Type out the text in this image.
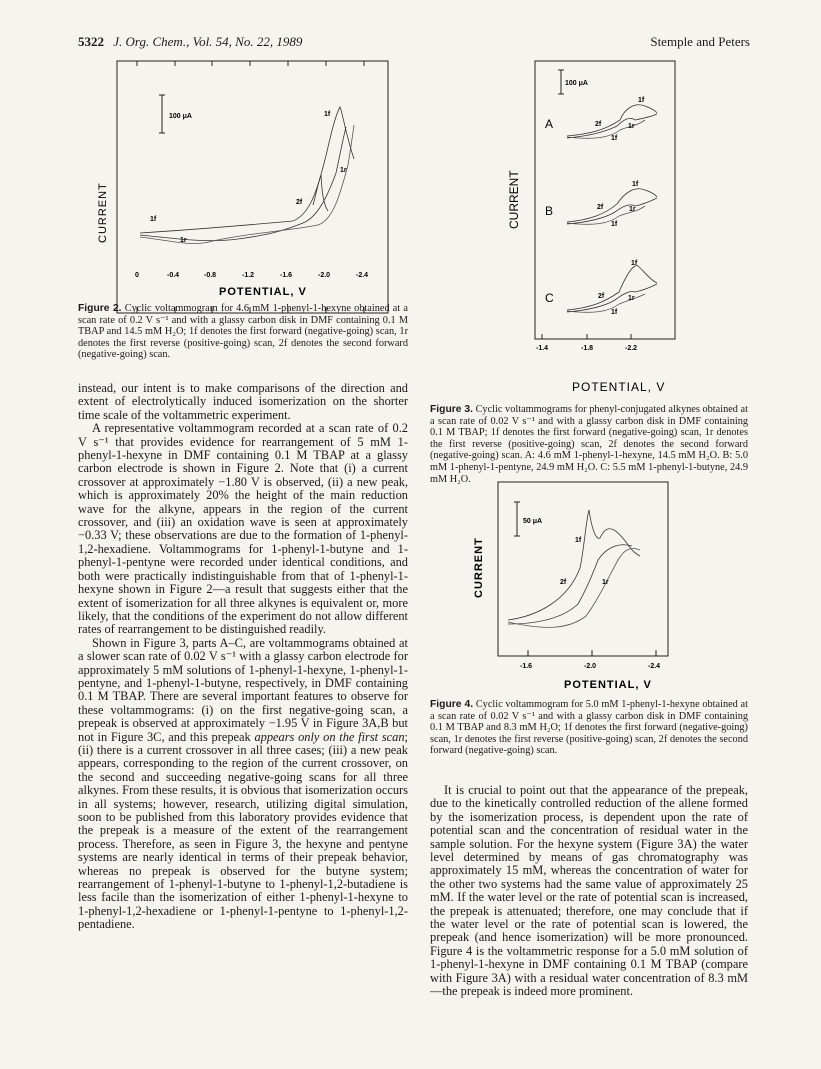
5322 J. Org. Chem., Vol. 54, No. 22, 1989	Stemple and Peters
CURRENT
100 μA	1f
1r
2f
1f
1r
0	-0.4	-0.8	-1.2	-1.6	-2.0	-2.4
POTENTIAL, V
Figure 2. Cyclic voltammogram for 4.6 mM 1-phenyl-1-hexyne obtained at a scan rate of 0.2 V s⁻¹ and with a glassy carbon disk in DMF containing 0.1 M TBAP and 14.5 mM H₂O; 1f denotes the first forward (negative-going) scan, 1r denotes the first reverse (positive-going) scan, 2f denotes the second forward (negative-going) scan.
CURRENT
100 μA
A
B
C
1f
2f	1r
1f
1f
2f	1r
1f
1f
2f	1r
1f
-1.4	-1.8	-2.2
POTENTIAL, V
Figure 3. Cyclic voltammograms for phenyl-conjugated alkynes obtained at a scan rate of 0.02 V s⁻¹ and with a glassy carbon disk in DMF containing 0.1 M TBAP; 1f denotes the first forward (negative-going) scan, 1r denotes the first reverse (positive-going) scan, 2f denotes the second forward (negative-going) scan. A: 4.6 mM 1-phenyl-1-hexyne, 14.5 mM H₂O. B: 5.0 mM 1-phenyl-1-pentyne, 24.9 mM H₂O. C: 5.5 mM 1-phenyl-1-butyne, 24.9 mM H₂O.
CURRENT
50 μA
1f
2f	1r
-1.6	-2.0	-2.4
POTENTIAL, V
Figure 4. Cyclic voltammogram for 5.0 mM 1-phenyl-1-hexyne obtained at a scan rate of 0.02 V s⁻¹ and with a glassy carbon disk in DMF containing 0.1 M TBAP and 8.3 mM H₂O; 1f denotes the first forward (negative-going) scan, 1r denotes the first reverse (positive-going) scan, 2f denotes the second forward (negative-going) scan.

instead, our intent is to make comparisons of the direction and extent of electrolytically induced isomerization on the shorter time scale of the voltammetric experiment.

A representative voltammogram recorded at a scan rate of 0.2 V s⁻¹ that provides evidence for rearrangement of 5 mM 1-phenyl-1-hexyne in DMF containing 0.1 M TBAP at a glassy carbon electrode is shown in Figure 2. Note that (i) a current crossover at approximately −1.80 V is observed, (ii) a new peak, which is approximately 20% the height of the main reduction wave for the alkyne, appears in the region of the current crossover, and (iii) an oxidation wave is seen at approximately −0.33 V; these observations are due to the formation of 1-phenyl-1,2-hexadiene. Voltammograms for 1-phenyl-1-butyne and 1-phenyl-1-pentyne were recorded under identical conditions, and both were practically indistinguishable from that of 1-phenyl-1-hexyne shown in Figure 2—a result that suggests either that the extent of isomerization for all three alkynes is equivalent or, more likely, that the conditions of the experiment do not allow different rates of rearrangement to be distinguished readily.

Shown in Figure 3, parts A–C, are voltammograms obtained at a slower scan rate of 0.02 V s⁻¹ with a glassy carbon electrode for approximately 5 mM solutions of 1-phenyl-1-hexyne, 1-phenyl-1-pentyne, and 1-phenyl-1-butyne, respectively, in DMF containing 0.1 M TBAP. There are several important features to observe for these voltammograms: (i) on the first negative-going scan, a prepeak is observed at approximately −1.95 V in Figure 3A,B but not in Figure 3C, and this prepeak appears only on the first scan; (ii) there is a current crossover in all three cases; (iii) a new peak appears, corresponding to the region of the current crossover, on the second and succeeding negative-going scans for all three alkynes. From these results, it is obvious that isomerization occurs in all systems; however, research, utilizing digital simulation, soon to be published from this laboratory provides evidence that the prepeak is a measure of the extent of the rearrangement process. Therefore, as seen in Figure 3, the hexyne and pentyne systems are nearly identical in terms of their prepeak behavior, whereas no prepeak is observed for the butyne system; rearrangement of 1-phenyl-1-butyne to 1-phenyl-1,2-butadiene is less facile than the isomerization of either 1-phenyl-1-hexyne to 1-phenyl-1,2-hexadiene or 1-phenyl-1-pentyne to 1-phenyl-1,2-pentadiene.

It is crucial to point out that the appearance of the prepeak, due to the kinetically controlled reduction of the allene formed by the isomerization process, is dependent upon the rate of potential scan and the concentration of residual water in the sample solution. For the hexyne system (Figure 3A) the water level determined by means of gas chromatography was approximately 15 mM, whereas the concentration of water for the other two systems had the same value of approximately 25 mM. If the water level or the rate of potential scan is increased, the prepeak is attenuated; therefore, one may conclude that if the water level or the rate of potential scan is lowered, the prepeak (and hence isomerization) will be more pronounced. Figure 4 is the voltammetric response for a 5.0 mM solution of 1-phenyl-1-hexyne in DMF containing 0.1 M TBAP (compare with Figure 3A) with a residual water concentration of 8.3 mM—the prepeak is indeed more prominent.
